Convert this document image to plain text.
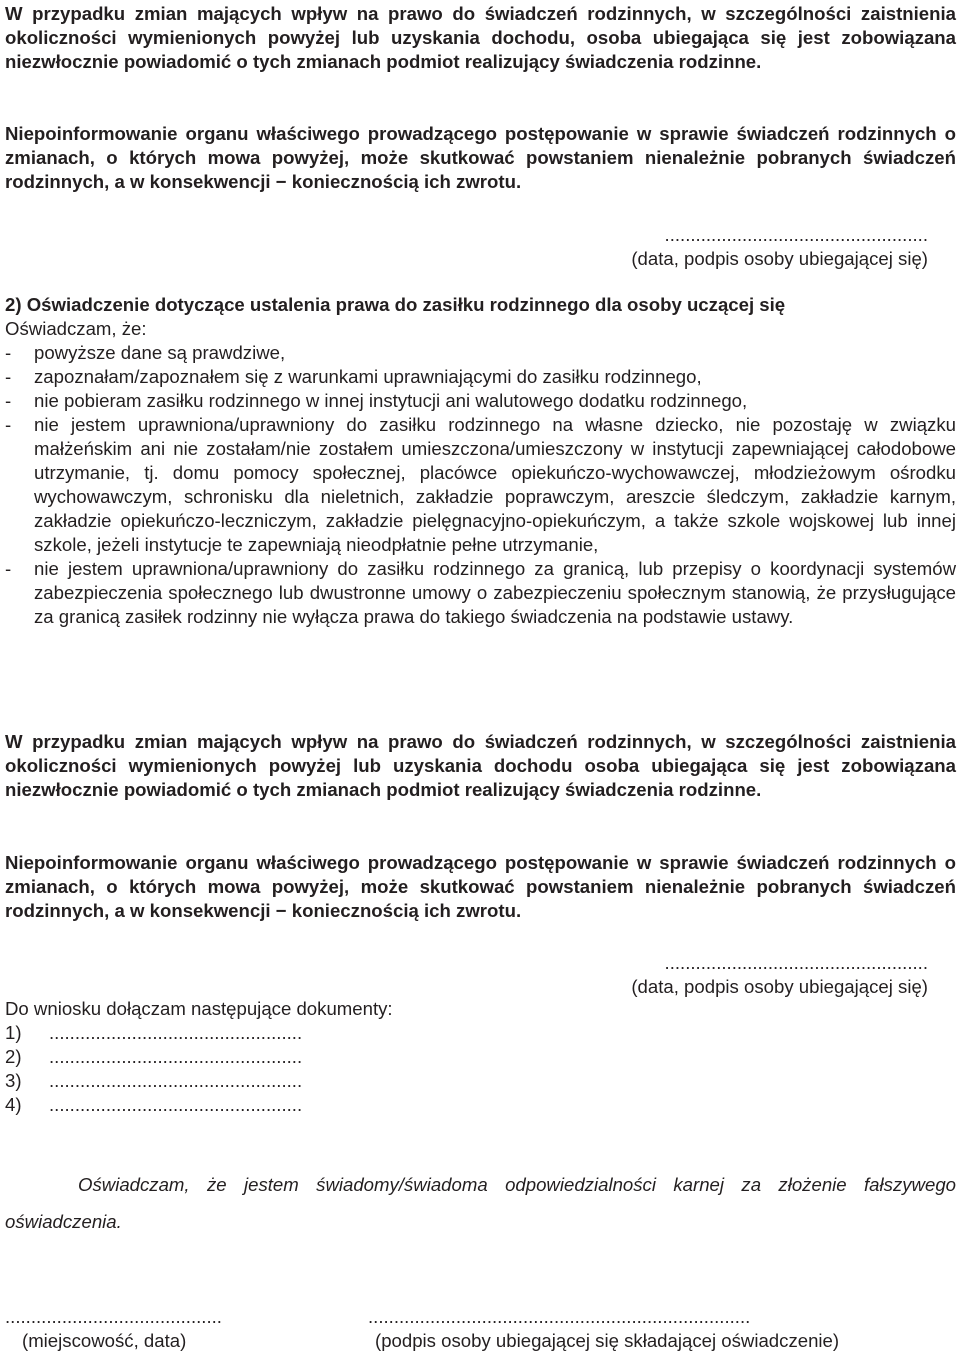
W przypadku zmian mających wpływ na prawo do świadczeń rodzinnych, w szczególności zaistnienia okoliczności wymienionych powyżej lub uzyskania dochodu, osoba ubiegająca się jest zobowiązana niezwłocznie powiadomić o tych zmianach podmiot realizujący świadczenia rodzinne.

Niepoinformowanie organu właściwego prowadzącego postępowanie w sprawie świadczeń rodzinnych o zmianach, o których mowa powyżej, może skutkować powstaniem nienależnie pobranych świadczeń rodzinnych, a w konsekwencji − koniecznością ich zwrotu.

...................................................
(data, podpis osoby ubiegającej się)

2) Oświadczenie dotyczące ustalenia prawa do zasiłku rodzinnego dla osoby uczącej się

Oświadczam, że:

- powyższe dane są prawdziwe,
- zapoznałam/zapoznałem się z warunkami uprawniającymi do zasiłku rodzinnego,
- nie pobieram zasiłku rodzinnego w innej instytucji ani walutowego dodatku rodzinnego,
- nie jestem uprawniona/uprawniony do zasiłku rodzinnego na własne dziecko, nie pozostaję w związku małżeńskim ani nie zostałam/nie zostałem umieszczona/umieszczony w instytucji zapewniającej całodobowe utrzymanie, tj. domu pomocy społecznej, placówce opiekuńczo-wychowawczej, młodzieżowym ośrodku wychowawczym, schronisku dla nieletnich, zakładzie poprawczym, areszcie śledczym, zakładzie karnym, zakładzie opiekuńczo-leczniczym, zakładzie pielęgnacyjno-opiekuńczym, a także szkole wojskowej lub innej szkole, jeżeli instytucje te zapewniają nieodpłatnie pełne utrzymanie,
- nie jestem uprawniona/uprawniony do zasiłku rodzinnego za granicą, lub przepisy o koordynacji systemów zabezpieczenia społecznego lub dwustronne umowy o zabezpieczeniu społecznym stanowią, że przysługujące za granicą zasiłek rodzinny nie wyłącza prawa do takiego świadczenia na podstawie ustawy.

W przypadku zmian mających wpływ na prawo do świadczeń rodzinnych, w szczególności zaistnienia okoliczności wymienionych powyżej lub uzyskania dochodu osoba ubiegająca się jest zobowiązana niezwłocznie powiadomić o tych zmianach podmiot realizujący świadczenia rodzinne.

Niepoinformowanie organu właściwego prowadzącego postępowanie w sprawie świadczeń rodzinnych o zmianach, o których mowa powyżej, może skutkować powstaniem nienależnie pobranych świadczeń rodzinnych, a w konsekwencji − koniecznością ich zwrotu.

...................................................
(data, podpis osoby ubiegającej się)

Do wniosku dołączam następujące dokumenty:

1) .................................................
2) .................................................
3) .................................................
4) .................................................

Oświadczam, że jestem świadomy/świadoma odpowiedzialności karnej za złożenie fałszywego oświadczenia.

..........................................
(miejscowość, data)
..........................................................................
(podpis osoby ubiegającej się składającej oświadczenie)
